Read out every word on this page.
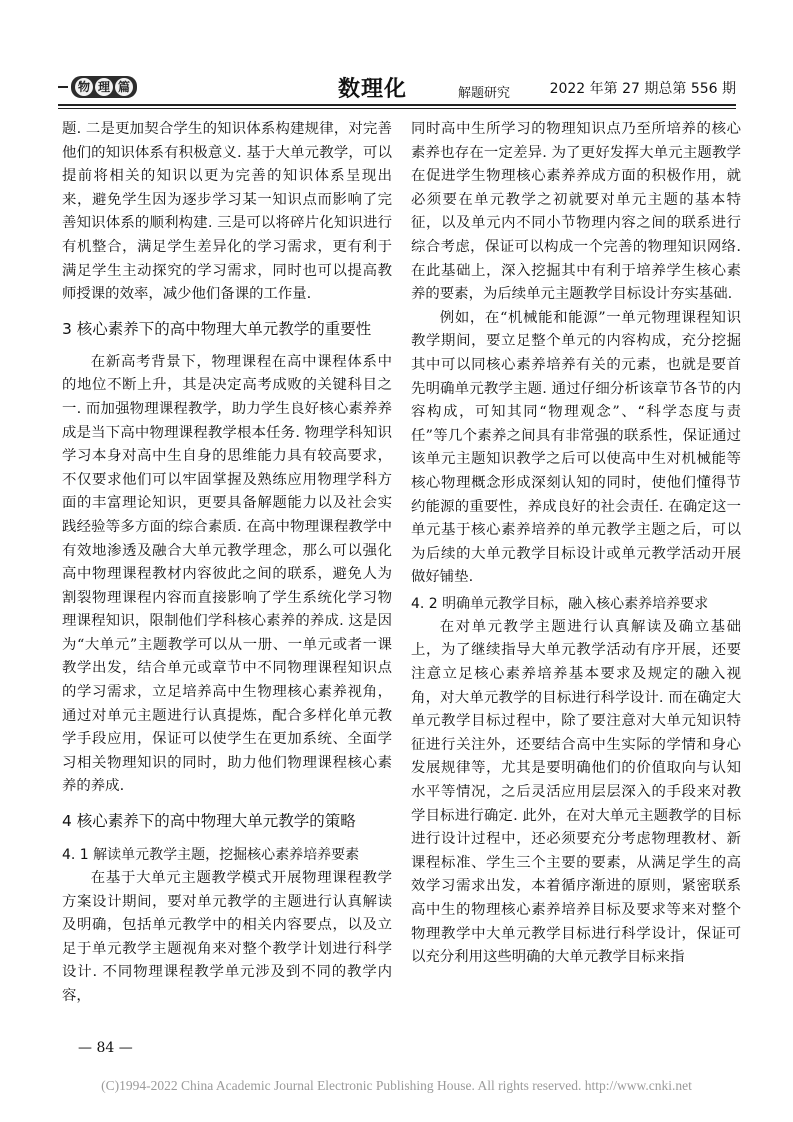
物 理 篇	数理化	解题研究	2022 年第 27 期总第 556 期

题. 二是更加契合学生的知识体系构建规律，对完善他们的知识体系有积极意义. 基于大单元教学，可以提前将相关的知识以更为完善的知识体系呈现出来，避免学生因为逐步学习某一知识点而影响了完善知识体系的顺利构建. 三是可以将碎片化知识进行有机整合，满足学生差异化的学习需求，更有利于满足学生主动探究的学习需求，同时也可以提高教师授课的效率，减少他们备课的工作量.

3 核心素养下的高中物理大单元教学的重要性

在新高考背景下，物理课程在高中课程体系中的地位不断上升，其是决定高考成败的关键科目之一. 而加强物理课程教学，助力学生良好核心素养养成是当下高中物理课程教学根本任务. 物理学科知识学习本身对高中生自身的思维能力具有较高要求，不仅要求他们可以牢固掌握及熟练应用物理学科方面的丰富理论知识，更要具备解题能力以及社会实践经验等多方面的综合素质. 在高中物理课程教学中有效地渗透及融合大单元教学理念，那么可以强化高中物理课程教材内容彼此之间的联系，避免人为割裂物理课程内容而直接影响了学生系统化学习物理课程知识，限制他们学科核心素养的养成. 这是因为“大单元”主题教学可以从一册、一单元或者一课教学出发，结合单元或章节中不同物理课程知识点的学习需求，立足培养高中生物理核心素养视角，通过对单元主题进行认真提炼，配合多样化单元教学手段应用，保证可以使学生在更加系统、全面学习相关物理知识的同时，助力他们物理课程核心素养的养成.

4 核心素养下的高中物理大单元教学的策略
4. 1 解读单元教学主题，挖掘核心素养培养要素

在基于大单元主题教学模式开展物理课程教学方案设计期间，要对单元教学的主题进行认真解读及明确，包括单元教学中的相关内容要点，以及立足于单元教学主题视角来对整个教学计划进行科学设计. 不同物理课程教学单元涉及到不同的教学内容，

同时高中生所学习的物理知识点乃至所培养的核心素养也存在一定差异. 为了更好发挥大单元主题教学在促进学生物理核心素养养成方面的积极作用，就必须要在单元教学之初就要对单元主题的基本特征，以及单元内不同小节物理内容之间的联系进行综合考虑，保证可以构成一个完善的物理知识网络. 在此基础上，深入挖掘其中有利于培养学生核心素养的要素，为后续单元主题教学目标设计夯实基础.

例如，在“机械能和能源”一单元物理课程知识教学期间，要立足整个单元的内容构成，充分挖掘其中可以同核心素养培养有关的元素，也就是要首先明确单元教学主题. 通过仔细分析该章节各节的内容构成，可知其同“物理观念”、“科学态度与责任”等几个素养之间具有非常强的联系性，保证通过该单元主题知识教学之后可以使高中生对机械能等核心物理概念形成深刻认知的同时，使他们懂得节约能源的重要性，养成良好的社会责任. 在确定这一单元基于核心素养培养的单元教学主题之后，可以为后续的大单元教学目标设计或单元教学活动开展做好铺垫.

4. 2 明确单元教学目标，融入核心素养培养要求

在对单元教学主题进行认真解读及确立基础上，为了继续指导大单元教学活动有序开展，还要注意立足核心素养培养基本要求及规定的融入视角，对大单元教学的目标进行科学设计. 而在确定大单元教学目标过程中，除了要注意对大单元知识特征进行关注外，还要结合高中生实际的学情和身心发展规律等，尤其是要明确他们的价值取向与认知水平等情况，之后灵活应用层层深入的手段来对教学目标进行确定. 此外，在对大单元主题教学的目标进行设计过程中，还必须要充分考虑物理教材、新课程标准、学生三个主要的要素，从满足学生的高效学习需求出发，本着循序渐进的原则，紧密联系高中生的物理核心素养培养目标及要求等来对整个物理教学中大单元教学目标进行科学设计，保证可以充分利用这些明确的大单元教学目标来指

— 84 —
(C)1994-2022 China Academic Journal Electronic Publishing House. All rights reserved. http://www.cnki.net
